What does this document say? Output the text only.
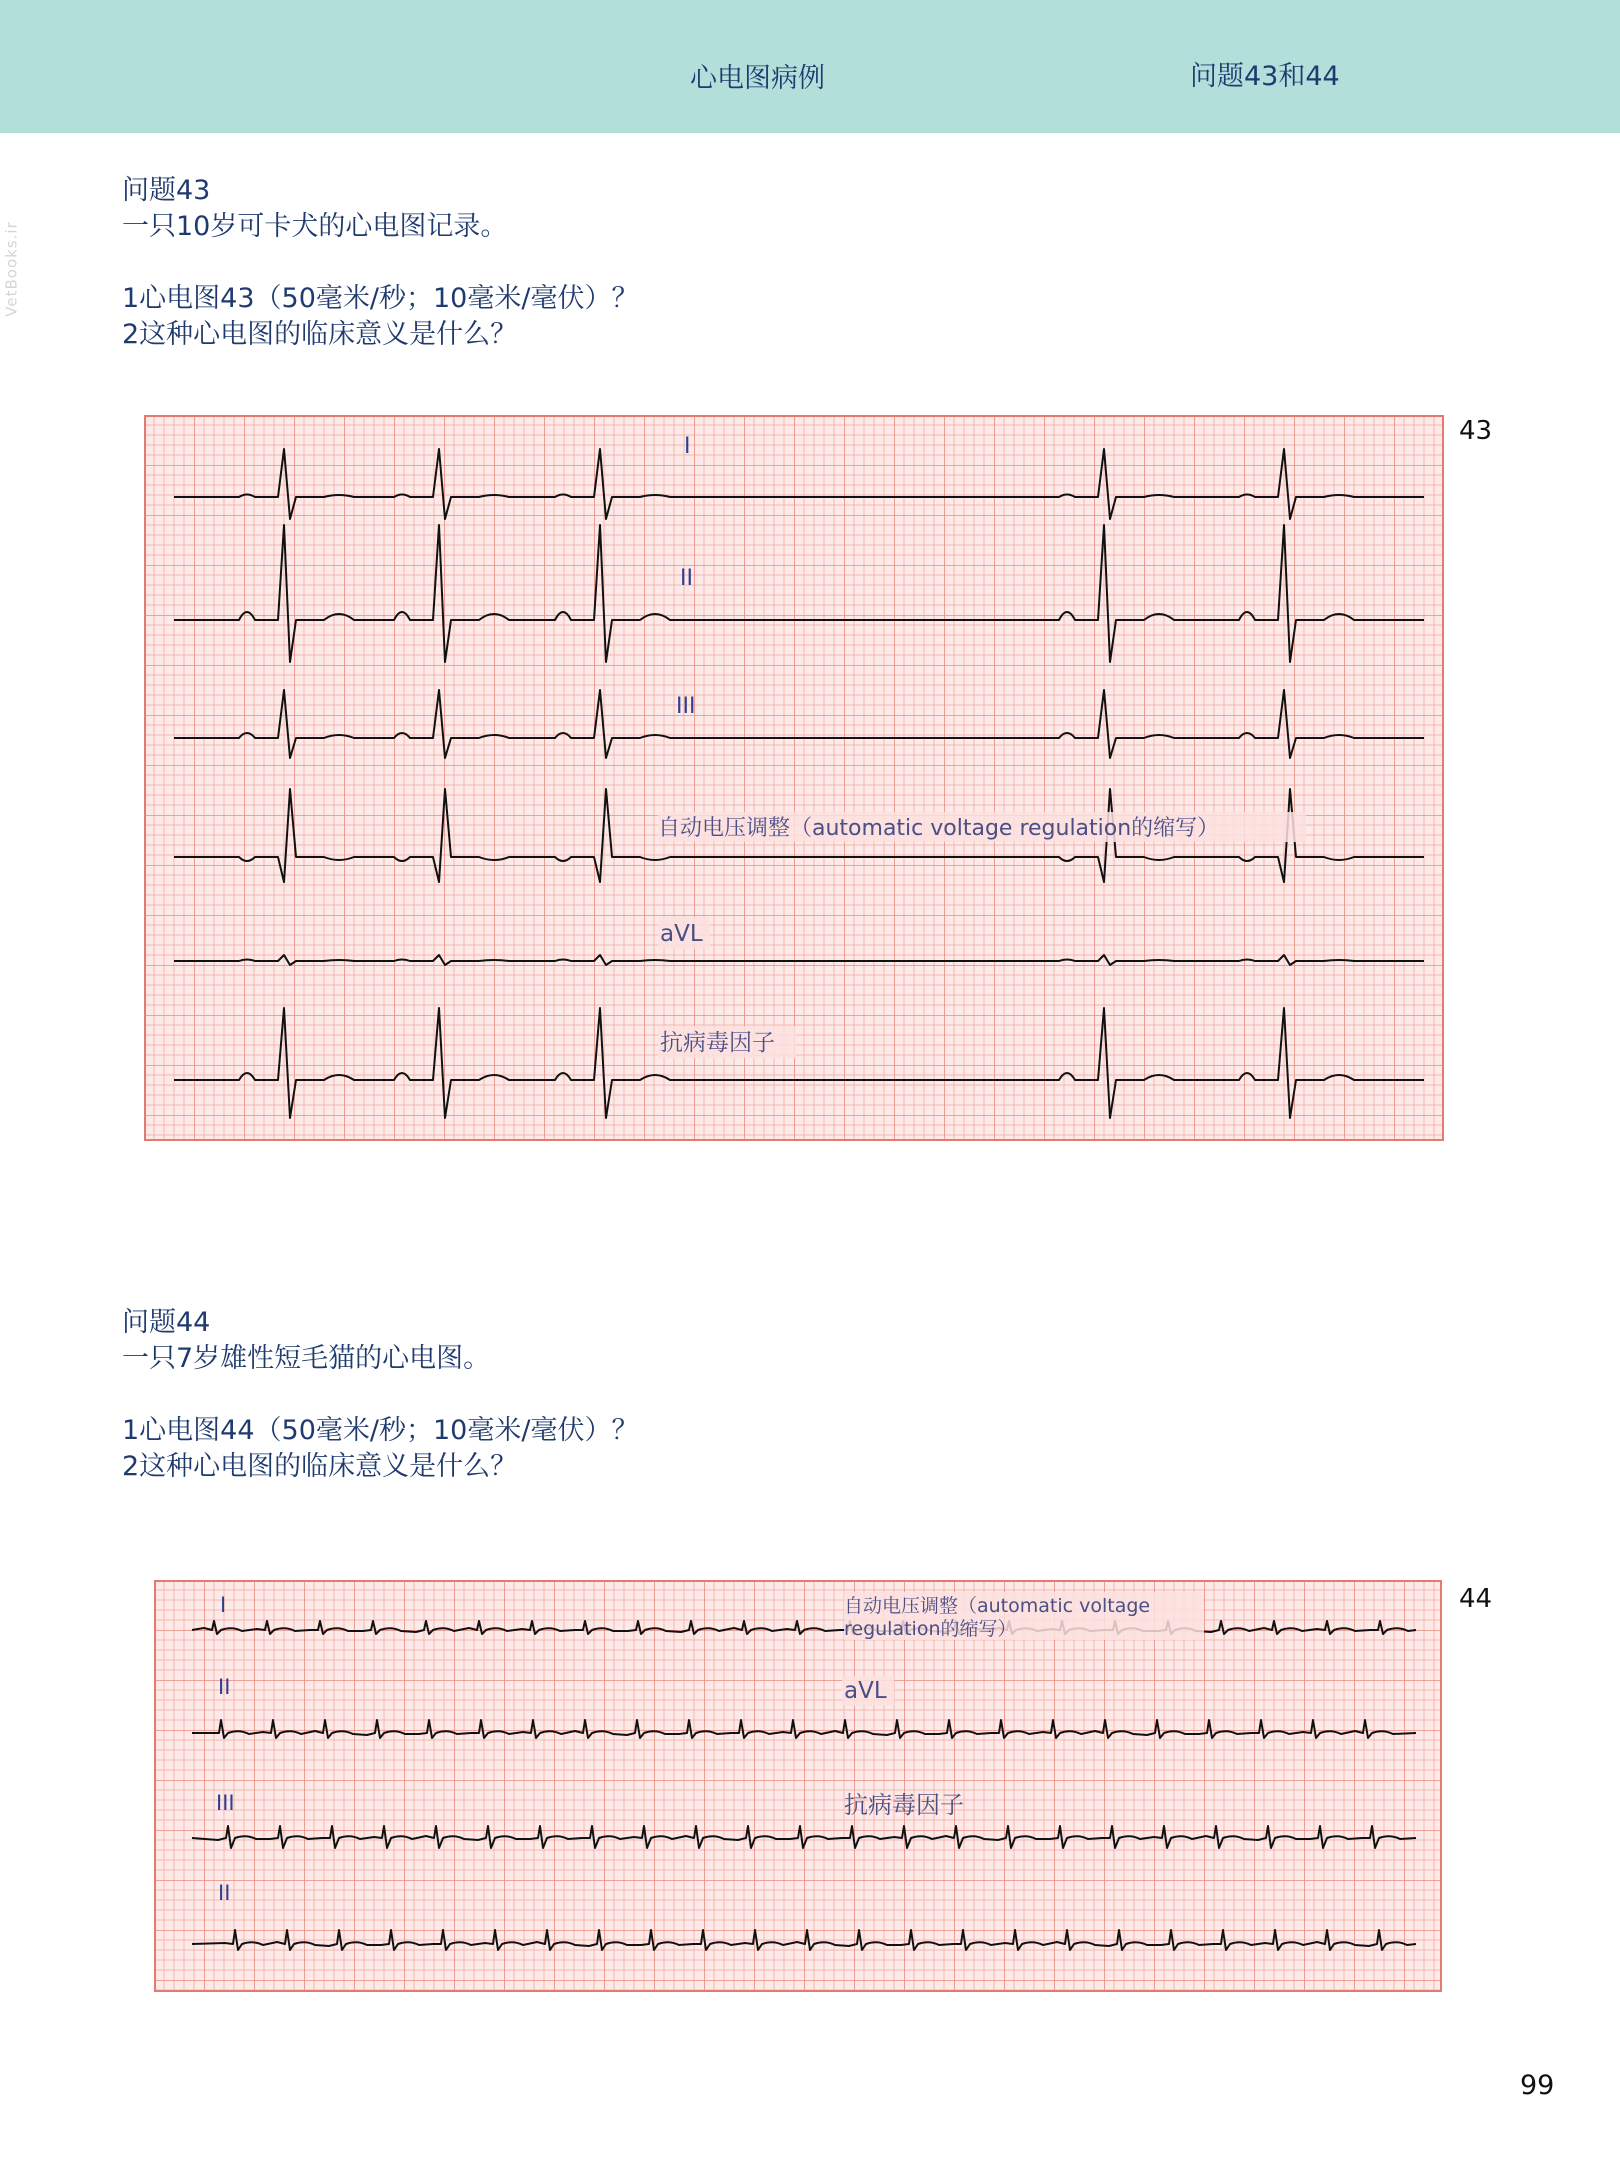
心电图病例	问题43和44
VetBooks.ir
问题43
一只10岁可卡犬的心电图记录。
1心电图43（50毫米/秒；10毫米/毫伏）？
2这种心电图的临床意义是什么？
43
I
II
III
自动电压调整（automatic voltage regulation的缩写）
aVL
抗病毒因子
问题44
一只7岁雄性短毛猫的心电图。
1心电图44（50毫米/秒；10毫米/毫伏）？
2这种心电图的临床意义是什么？
44
I
II
III
II
自动电压调整（automatic voltage
regulation的缩写）
aVL
抗病毒因子
99
